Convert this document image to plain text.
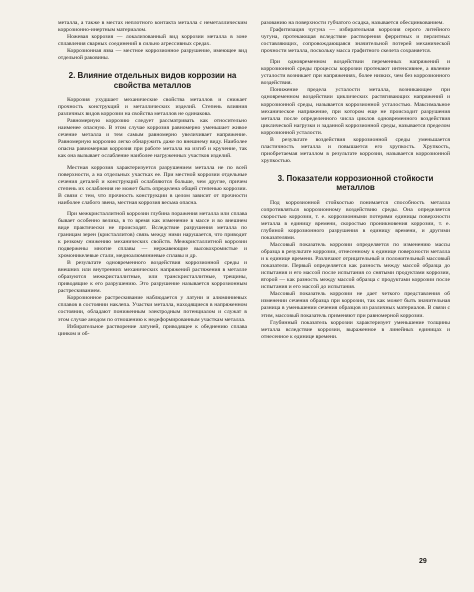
металла, а также в местах неплотного контакта металла с неметаллическим коррозионно-инертным материалом.

Ножевая коррозия — локализованный вид коррозии металла в зоне сплавления сварных соединений в сильно агрессивных средах.

Коррозионная язва — местное коррозионное разрушение, имеющее вид отдельной раковины.

2. Влияние отдельных видов коррозии на свойства металлов

Коррозия ухудшает механические свойства металлов и снижает прочность конструкций и металлических изделий. Степень влияния различных видов коррозии на свойства металлов не одинакова.

Равномерную коррозию следует рассматривать как относительно наименее опасную. В этом случае коррозия равномерно уменьшает живое сечение металла и тем самым равномерно увеличивает напряжение. Равномерную коррозию легко обнаружить даже по внешнему виду. Наиболее опасна равномерная коррозия при работе металла на изгиб и кручение, так как она вызывает ослабление наиболее нагруженных участков изделий.

Местная коррозия характеризуется разрушением металла не по всей поверхности, а на отдельных участках ее. При местной коррозии отдельные сечения деталей и конструкций ослабляются больше, чем другие, причем степень их ослабления не может быть определена общей степенью коррозии. В связи с тем, что прочность конструкции в целом зависит от прочности наиболее слабого звена, местная коррозия весьма опасна.

При межкристаллитной коррозии глубина поражения металла или сплава бывает особенно велика, в то время как изменение в массе и во внешнем виде практически не происходят. Вследствие разрушения металла по границам зерен (кристаллитов) связь между ними нарушается, что приводит к резкому снижению механических свойств. Межкристаллитной коррозии подвержены многие сплавы — нержавеющие высокохромистые и хромоникелевые стали, медноалюминиевые сплавы и др.

В результате одновременного воздействия коррозионной среды и внешних или внутренних механических напряжений растяжения в металле образуются межкристаллитные, или транскристаллитные, трещины, приводящие к его разрушению. Это разрушение называется коррозионным растрескиванием.

Коррозионное растрескивание наблюдается у латуни и алюминиевых сплавов в состоянии наклепа. Участки металла, находящиеся в напряженном состоянии, обладают пониженным электродным потенциалом и служат в этом случае анодом по отношению к недеформированным участкам металла.

Избирательное растворение латуней, приводящее к обеднению сплава цинком и об-

разованию на поверхности губчатого осадка, называется обесцинкованием.

Графитизация чугуна — избирательная коррозия серого литейного чугуна, протекающая вследствие растворения ферритных и перлитных составляющих, сопровождающаяся значительной потерей механической прочности металла, поскольку масса графитного скелета сохраняется.

При одновременном воздействии переменных напряжений и коррозионной среды процессы коррозии протекают интенсивнее, а явление усталости возникает при напряжениях, более низких, чем без коррозионного воздействия.

Понижение предела усталости металла, возникающее при одновременном воздействии циклических растягивающих напряжений и коррозионной среды, называется коррозионной усталостью. Максимальное механическое напряжение, при котором еще не происходит разрушения металла после определенного числа циклов одновременного воздействия циклической нагрузки и заданной коррозионной среды, называется пределом коррозионной усталости.

В результате воздействия коррозионной среды уменьшается пластичность металла и повышается его хрупкость. Хрупкость, приобретаемая металлом в результате коррозии, называется коррозионной хрупкостью.

3. Показатели коррозионной стойкости металлов

Под коррозионной стойкостью понимается способность металла сопротивляться коррозионному воздействию среды. Она определяется скоростью коррозии, т. е. коррозионными потерями единицы поверхности металла в единицу времени, скоростью проникновения коррозии, т. е. глубиной коррозионного разрушения в единицу времени, и другими показателями.

Массовый показатель коррозии определяется по изменению массы образца в результате коррозии, отнесенному к единице поверхности металла и к единице времени. Различают отрицательный и положительный массовый показатели. Первый определяется как разность между массой образца до испытания и его массой после испытания со снятыми продуктами коррозии, второй — как разность между массой образца с продуктами коррозии после испытания и его массой до испытания.

Массовый показатель коррозии не дает четкого представления об изменении сечения образца при коррозии, так как может быть значительная разница в уменьшении сечения образцов из различных материалов. В связи с этим, массовый показатель применяют при равномерной коррозии.

Глубинный показатель коррозии характеризует уменьшение толщины металла вследствие коррозии, выраженное в линейных единицах и отнесенное к единице времени.

29
